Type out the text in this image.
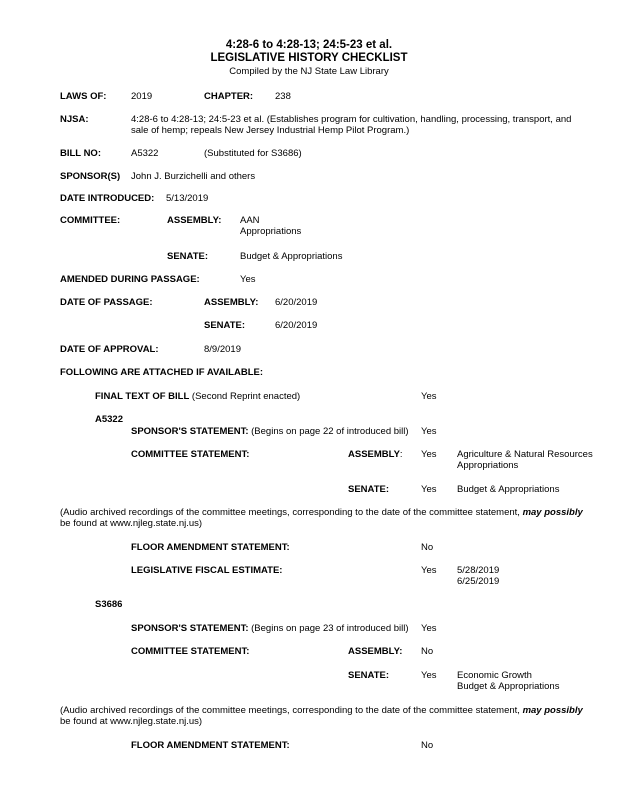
4:28-6 to 4:28-13; 24:5-23 et al.
LEGISLATIVE HISTORY CHECKLIST
Compiled by the NJ State Law Library
LAWS OF:	2019	CHAPTER: 238
NJSA:	4:28-6 to 4:28-13; 24:5-23 et al. (Establishes program for cultivation, handling, processing, transport, and
sale of hemp; repeals New Jersey Industrial Hemp Pilot Program.)
BILL NO:	A5322	(Substituted for S3686)
SPONSOR(S) John J. Burzichelli and others
DATE INTRODUCED: 5/13/2019
COMMITTEE:	ASSEMBLY: AAN
Appropriations
SENATE:	Budget & Appropriations
AMENDED DURING PASSAGE:	Yes
DATE OF PASSAGE:	ASSEMBLY: 6/20/2019
SENATE:	6/20/2019
DATE OF APPROVAL:	8/9/2019
FOLLOWING ARE ATTACHED IF AVAILABLE:
FINAL TEXT OF BILL (Second Reprint enacted)	Yes
A5322
SPONSOR'S STATEMENT: (Begins on page 22 of introduced bill) Yes
COMMITTEE STATEMENT:	ASSEMBLY: Yes Agriculture & Natural Resources
Appropriations
SENATE:	Yes Budget & Appropriations
(Audio archived recordings of the committee meetings, corresponding to the date of the committee statement, may possibly
be found at www.njleg.state.nj.us)
FLOOR AMENDMENT STATEMENT:	No
LEGISLATIVE FISCAL ESTIMATE:	Yes 5/28/2019
6/25/2019
S3686
SPONSOR'S STATEMENT: (Begins on page 23 of introduced bill) Yes
COMMITTEE STATEMENT:	ASSEMBLY: No
SENATE:	Yes Economic Growth
Budget & Appropriations
(Audio archived recordings of the committee meetings, corresponding to the date of the committee statement, may possibly
be found at www.njleg.state.nj.us)
FLOOR AMENDMENT STATEMENT:	No
